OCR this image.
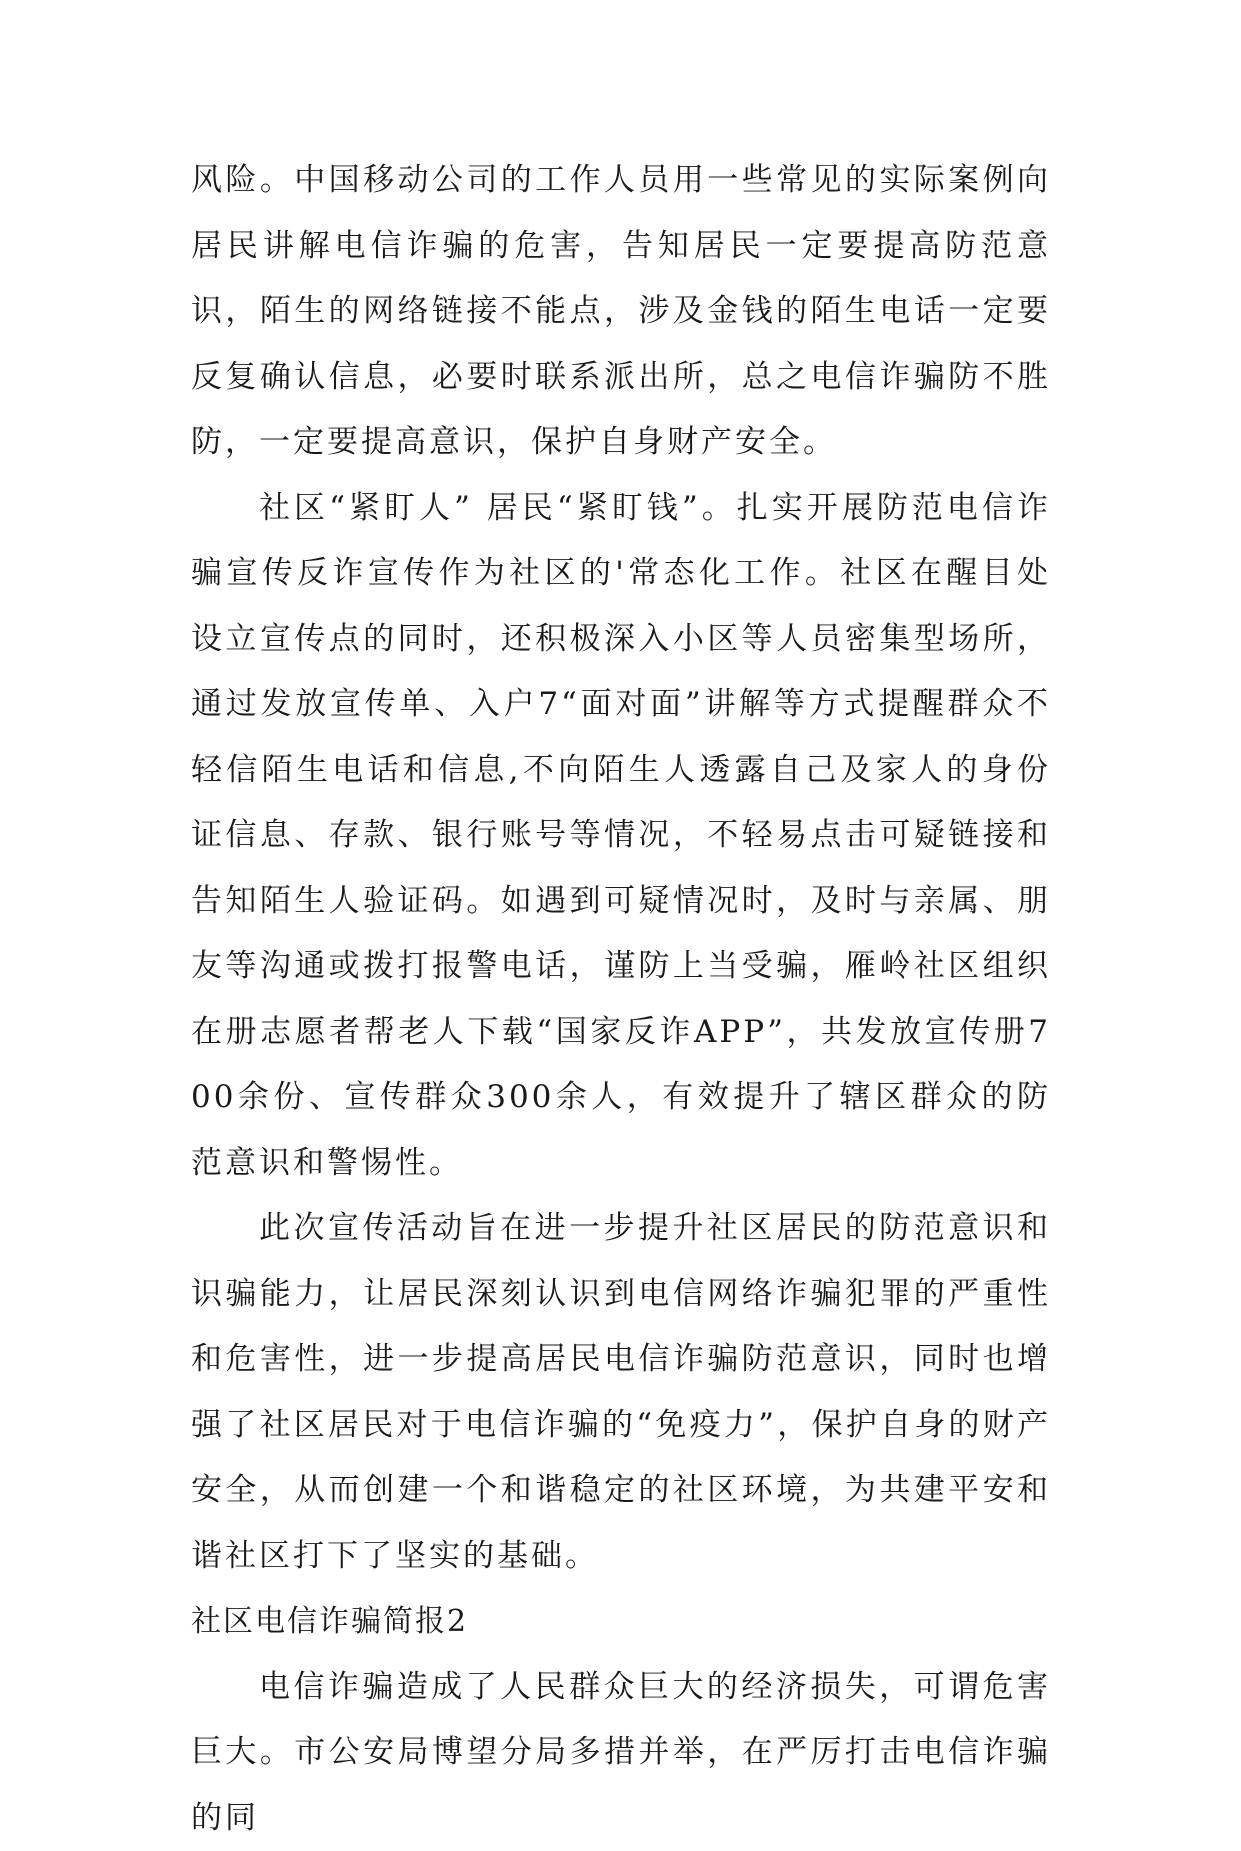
风险。中国移动公司的工作人员用一些常见的实际案例向居民讲解电信诈骗的危害，告知居民一定要提高防范意识，陌生的网络链接不能点，涉及金钱的陌生电话一定要反复确认信息，必要时联系派出所，总之电信诈骗防不胜防，一定要提高意识，保护自身财产安全。

社区“紧盯人” 居民“紧盯钱”。扎实开展防范电信诈骗宣传反诈宣传作为社区的'常态化工作。社区在醒目处设立宣传点的同时，还积极深入小区等人员密集型场所，通过发放宣传单、入户7“面对面”讲解等方式提醒群众不轻信陌生电话和信息,不向陌生人透露自己及家人的身份证信息、存款、银行账号等情况，不轻易点击可疑链接和告知陌生人验证码。如遇到可疑情况时，及时与亲属、朋友等沟通或拨打报警电话，谨防上当受骗，雁岭社区组织在册志愿者帮老人下载“国家反诈APP”，共发放宣传册700余份、宣传群众300余人，有效提升了辖区群众的防范意识和警惕性。

此次宣传活动旨在进一步提升社区居民的防范意识和识骗能力，让居民深刻认识到电信网络诈骗犯罪的严重性和危害性，进一步提高居民电信诈骗防范意识，同时也增强了社区居民对于电信诈骗的“免疫力”，保护自身的财产安全，从而创建一个和谐稳定的社区环境，为共建平安和谐社区打下了坚实的基础。

社区电信诈骗简报2

电信诈骗造成了人民群众巨大的经济损失，可谓危害巨大。市公安局博望分局多措并举，在严厉打击电信诈骗的同
